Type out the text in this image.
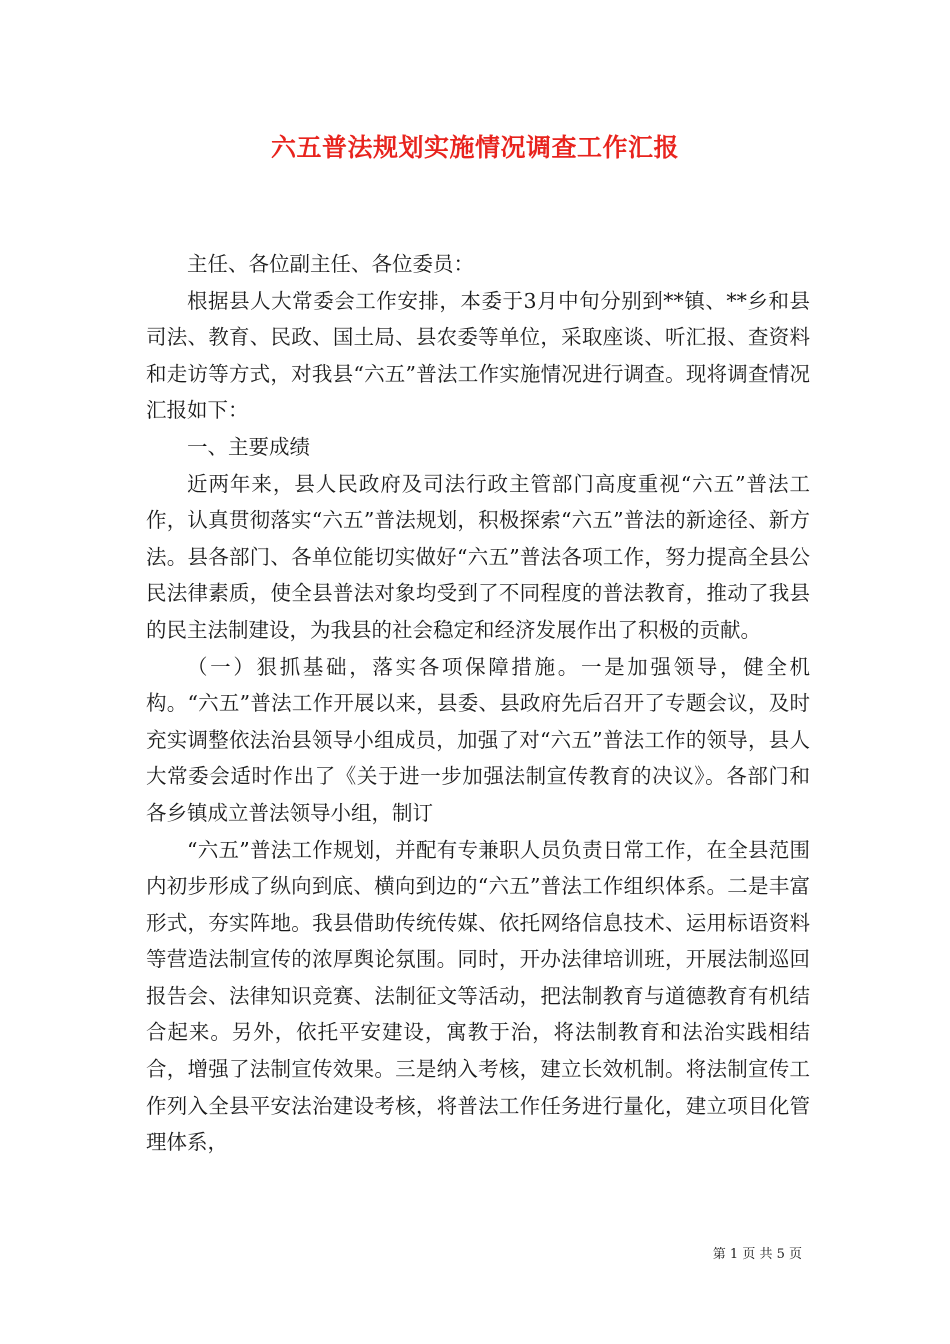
六五普法规划实施情况调查工作汇报

主任、各位副主任、各位委员：

根据县人大常委会工作安排，本委于3月中旬分别到**镇、**乡和县司法、教育、民政、国土局、县农委等单位，采取座谈、听汇报、查资料和走访等方式，对我县“六五”普法工作实施情况进行调查。现将调查情况汇报如下：

一、主要成绩

近两年来，县人民政府及司法行政主管部门高度重视“六五”普法工作，认真贯彻落实“六五”普法规划，积极探索“六五”普法的新途径、新方法。县各部门、各单位能切实做好“六五”普法各项工作，努力提高全县公民法律素质，使全县普法对象均受到了不同程度的普法教育，推动了我县的民主法制建设，为我县的社会稳定和经济发展作出了积极的贡献。

（一）狠抓基础，落实各项保障措施。一是加强领导，健全机构。“六五”普法工作开展以来，县委、县政府先后召开了专题会议，及时充实调整依法治县领导小组成员，加强了对“六五”普法工作的领导，县人大常委会适时作出了《关于进一步加强法制宣传教育的决议》。各部门和各乡镇成立普法领导小组，制订

“六五”普法工作规划，并配有专兼职人员负责日常工作，在全县范围内初步形成了纵向到底、横向到边的“六五”普法工作组织体系。二是丰富形式，夯实阵地。我县借助传统传媒、依托网络信息技术、运用标语资料等营造法制宣传的浓厚舆论氛围。同时，开办法律培训班，开展法制巡回报告会、法律知识竞赛、法制征文等活动，把法制教育与道德教育有机结合起来。另外，依托平安建设，寓教于治，将法制教育和法治实践相结合，增强了法制宣传效果。三是纳入考核，建立长效机制。将法制宣传工作列入全县平安法治建设考核，将普法工作任务进行量化，建立项目化管理体系，

第 1 页 共 5 页
